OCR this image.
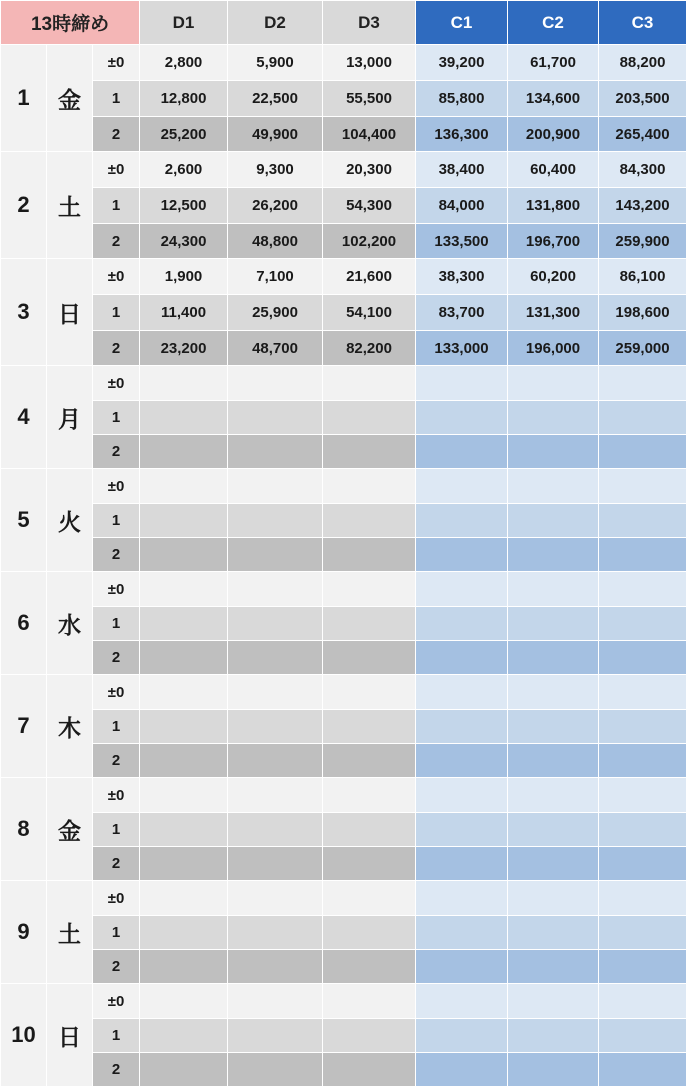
13時締め			D1	D2	D3	C1	C2	C3
1	金	±0	2,800	5,900	13,000	39,200	61,700	88,200
		1	12,800	22,500	55,500	85,800	134,600	203,500
		2	25,200	49,900	104,400	136,300	200,900	265,400
2	土	±0	2,600	9,300	20,300	38,400	60,400	84,300
		1	12,500	26,200	54,300	84,000	131,800	143,200
		2	24,300	48,800	102,200	133,500	196,700	259,900
3	日	±0	1,900	7,100	21,600	38,300	60,200	86,100
		1	11,400	25,900	54,100	83,700	131,300	198,600
		2	23,200	48,700	82,200	133,000	196,000	259,000
4	月	±0						
		1						
		2						
5	火	±0						
		1						
		2						
6	水	±0						
		1						
		2						
7	木	±0						
		1						
		2						
8	金	±0						
		1						
		2						
9	土	±0						
		1						
		2						
10	日	±0						
		1						
		2						
